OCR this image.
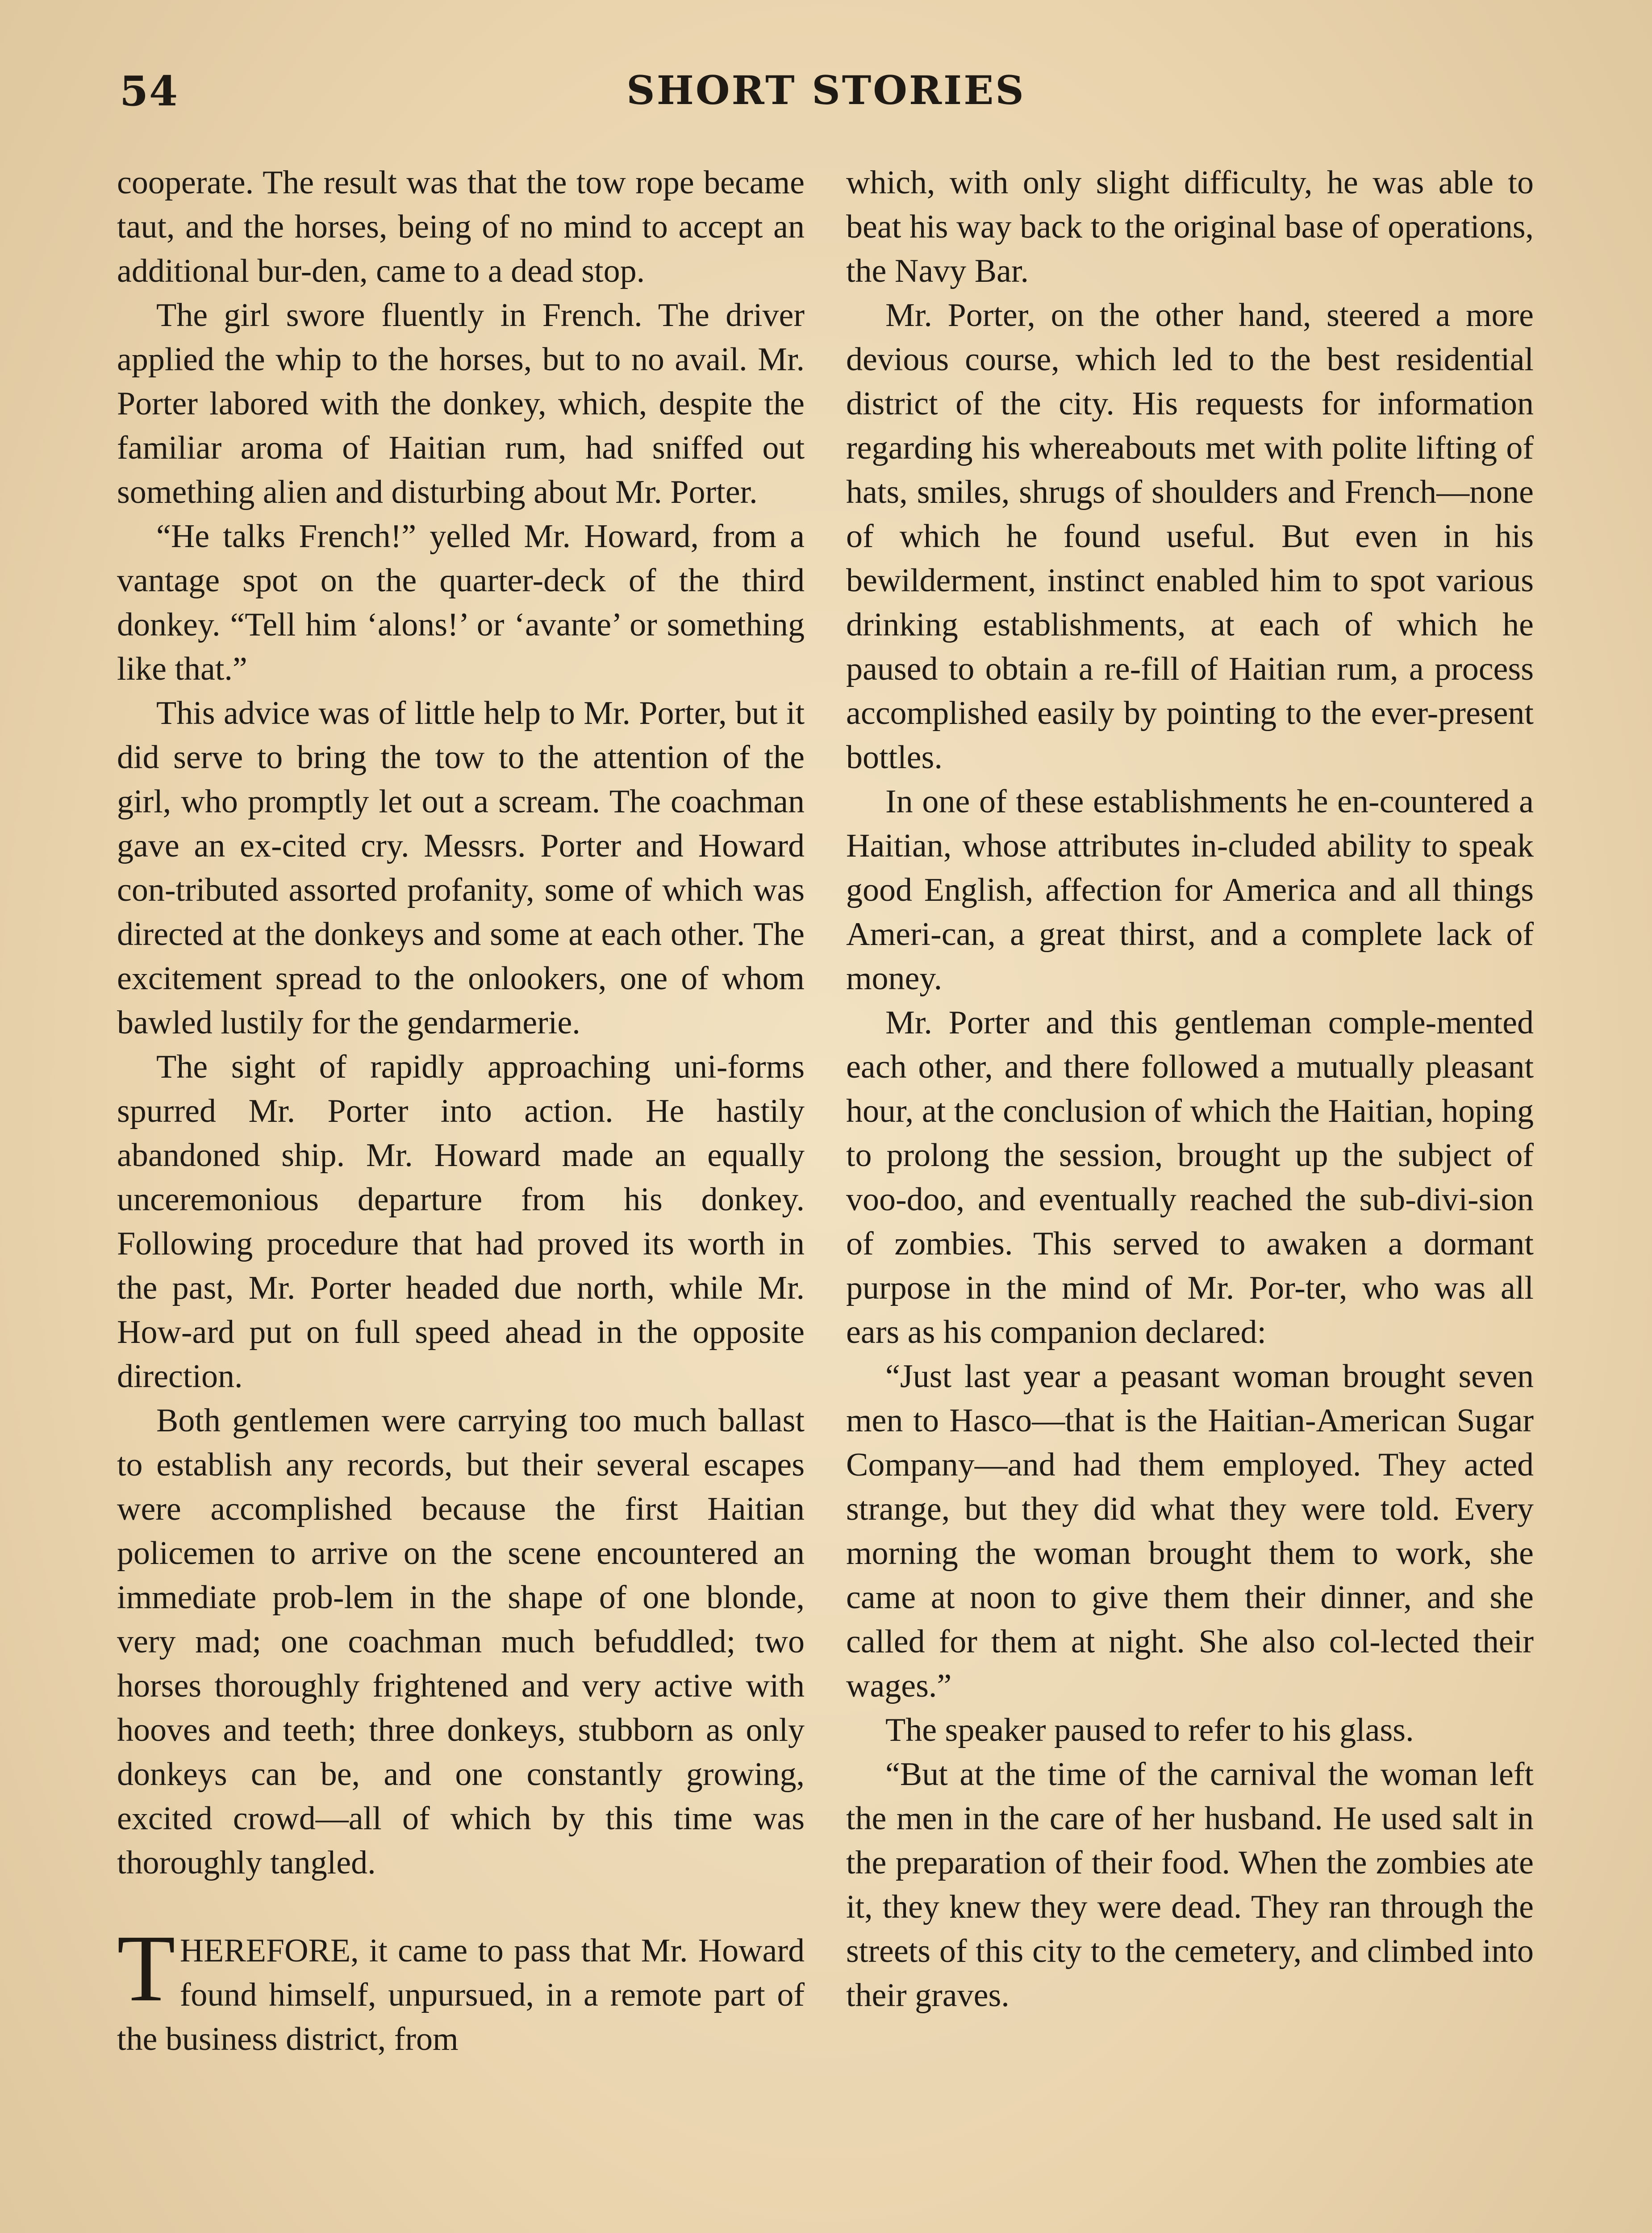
54	SHORT STORIES

cooperate. The result was that the tow rope became taut, and the horses, being of no mind to accept an additional bur-den, came to a dead stop.

The girl swore fluently in French. The driver applied the whip to the horses, but to no avail. Mr. Porter labored with the donkey, which, despite the familiar aroma of Haitian rum, had sniffed out something alien and disturbing about Mr. Porter.

“He talks French!” yelled Mr. Howard, from a vantage spot on the quarter-deck of the third donkey. “Tell him ‘alons!’ or ‘avante’ or something like that.”

This advice was of little help to Mr. Porter, but it did serve to bring the tow to the attention of the girl, who promptly let out a scream. The coachman gave an ex-cited cry. Messrs. Porter and Howard con-tributed assorted profanity, some of which was directed at the donkeys and some at each other. The excitement spread to the onlookers, one of whom bawled lustily for the gendarmerie.

The sight of rapidly approaching uni-forms spurred Mr. Porter into action. He hastily abandoned ship. Mr. Howard made an equally unceremonious departure from his donkey. Following procedure that had proved its worth in the past, Mr. Porter headed due north, while Mr. How-ard put on full speed ahead in the opposite direction.

Both gentlemen were carrying too much ballast to establish any records, but their several escapes were accomplished because the first Haitian policemen to arrive on the scene encountered an immediate prob-lem in the shape of one blonde, very mad; one coachman much befuddled; two horses thoroughly frightened and very active with hooves and teeth; three donkeys, stubborn as only donkeys can be, and one constantly growing, excited crowd—all of which by this time was thoroughly tangled.

THEREFORE, it came to pass that Mr. Howard found himself, unpursued, in a remote part of the business district, from

which, with only slight difficulty, he was able to beat his way back to the original base of operations, the Navy Bar.

Mr. Porter, on the other hand, steered a more devious course, which led to the best residential district of the city. His requests for information regarding his whereabouts met with polite lifting of hats, smiles, shrugs of shoulders and French—none of which he found useful. But even in his bewilderment, instinct enabled him to spot various drinking establishments, at each of which he paused to obtain a re-fill of Haitian rum, a process accomplished easily by pointing to the ever-present bottles.

In one of these establishments he en-countered a Haitian, whose attributes in-cluded ability to speak good English, affection for America and all things Ameri-can, a great thirst, and a complete lack of money.

Mr. Porter and this gentleman comple-mented each other, and there followed a mutually pleasant hour, at the conclusion of which the Haitian, hoping to prolong the session, brought up the subject of voo-doo, and eventually reached the sub-divi-sion of zombies. This served to awaken a dormant purpose in the mind of Mr. Por-ter, who was all ears as his companion declared:

“Just last year a peasant woman brought seven men to Hasco—that is the Haitian-American Sugar Company—and had them employed. They acted strange, but they did what they were told. Every morning the woman brought them to work, she came at noon to give them their dinner, and she called for them at night. She also col-lected their wages.”

The speaker paused to refer to his glass.

“But at the time of the carnival the woman left the men in the care of her husband. He used salt in the preparation of their food. When the zombies ate it, they knew they were dead. They ran through the streets of this city to the cemetery, and climbed into their graves.
